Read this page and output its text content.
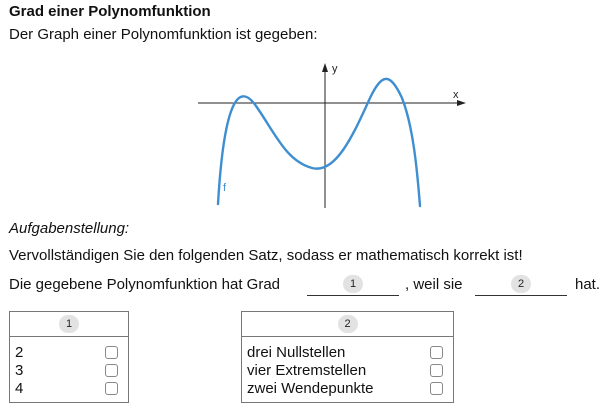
Grad einer Polynomfunktion
Der Graph einer Polynomfunktion ist gegeben:
x
y
f
Aufgabenstellung:
Vervollständigen Sie den folgenden Satz, sodass er mathematisch korrekt ist!
Die gegebene Polynomfunktion hat Grad	1	, weil sie	2	hat.
1
2
3
4
2
drei Nullstellen
vier Extremstellen
zwei Wendepunkte
